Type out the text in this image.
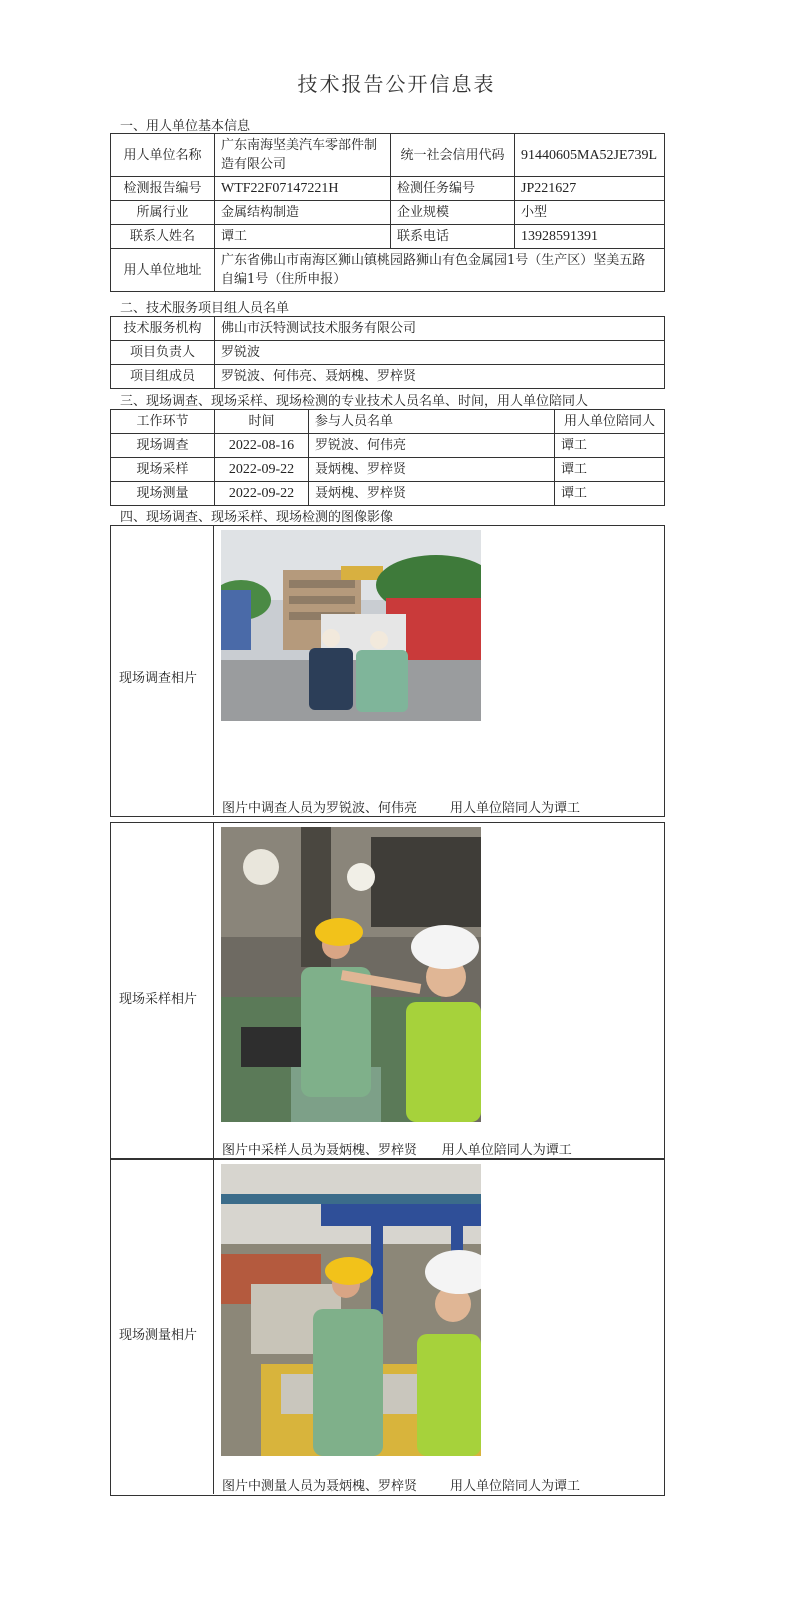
技术报告公开信息表
一、用人单位基本信息
用人单位名称	广东南海坚美汽车零部件制造有限公司	统一社会信用代码	91440605MA52JE739L
检测报告编号	WTF22F07147221H	检测任务编号	JP221627
所属行业	金属结构制造	企业规模	小型
联系人姓名	谭工	联系电话	13928591391
用人单位地址	广东省佛山市南海区狮山镇桃园路狮山有色金属园1号（生产区）坚美五路自编1号（住所申报）		
二、技术服务项目组人员名单
技术服务机构	佛山市沃特测试技术服务有限公司
项目负责人	罗锐波
项目组成员	罗锐波、何伟亮、聂炳槐、罗梓贤
三、现场调查、现场采样、现场检测的专业技术人员名单、时间，用人单位陪同人
工作环节	时间	参与人员名单	用人单位陪同人
现场调查	2022-08-16	罗锐波、何伟亮	谭工
现场采样	2022-09-22	聂炳槐、罗梓贤	谭工
现场测量	2022-09-22	聂炳槐、罗梓贤	谭工
四、现场调查、现场采样、现场检测的图像影像
现场调查相片
图片中调查人员为罗锐波、何伟亮        用人单位陪同人为谭工
现场采样相片
图片中采样人员为聂炳槐、罗梓贤      用人单位陪同人为谭工
现场测量相片
图片中测量人员为聂炳槐、罗梓贤        用人单位陪同人为谭工
